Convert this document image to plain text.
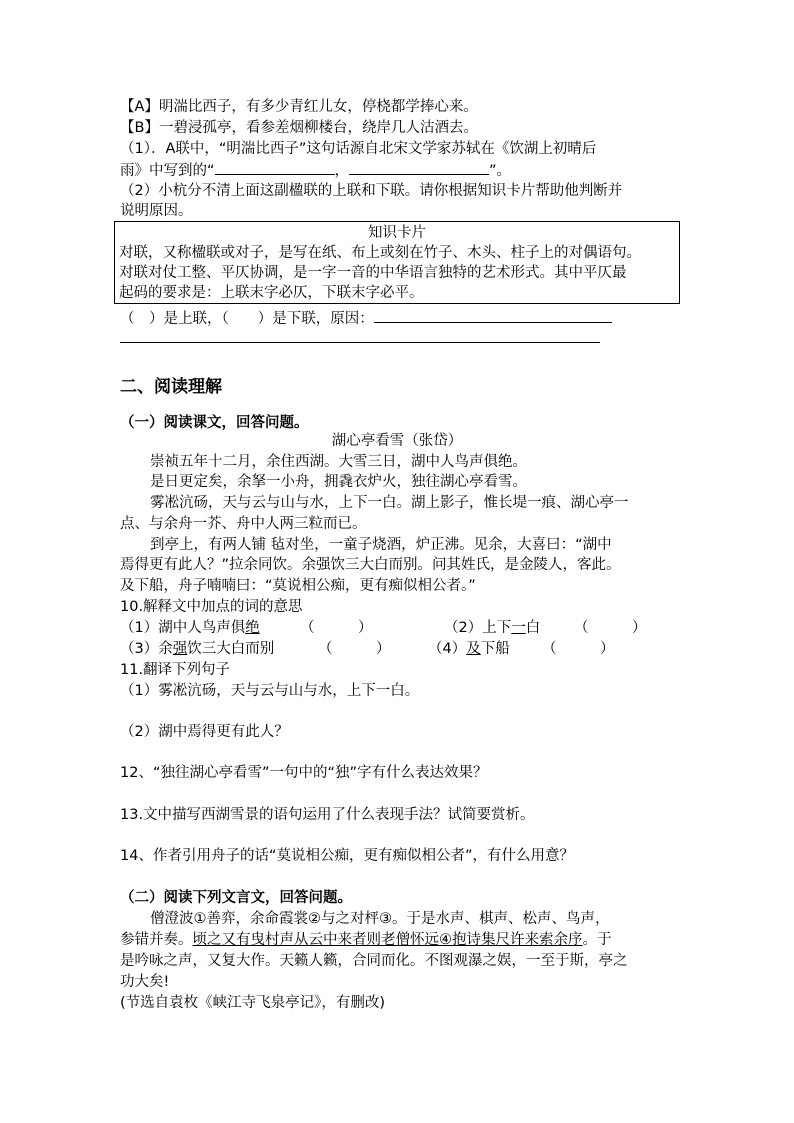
【A】明湍比西子，有多少青红儿女，停桡都学捧心来。
【B】一碧浸孤亭，看参差烟柳楼台，绕岸几人沽酒去。
（1）．A联中，“明湍比西子”这句话源自北宋文学家苏轼在《饮湖上初晴后
雨》中写到的“	，	”。
（2）小杭分不清上面这副楹联的上联和下联。请你根据知识卡片帮助他判断并
说明原因。
知识卡片
对联，又称楹联或对子，是写在纸、布上或刻在竹子、木头、柱子上的对偶语句。
对联对仗工整、平仄协调，是一字一音的中华语言独特的艺术形式。其中平仄最
起码的要求是：上联末字必仄，下联末字必平。
（　）是上联，（　　）是下联，原因：
二、阅读理解
（一）阅读课文，回答问题。
湖心亭看雪（张岱）
崇祯五年十二月，余住西湖。大雪三日，湖中人鸟声俱绝。
是日更定矣，余拏一小舟，拥毳衣炉火，独往湖心亭看雪。
雾凇沆砀，天与云与山与水，上下一白。湖上影子，惟长堤一痕、湖心亭一
点、与余舟一芥、舟中人两三粒而已。
到亭上，有两人铺 毡对坐，一童子烧酒，炉正沸。见余，大喜曰：“湖中
焉得更有此人？”拉余同饮。余强饮三大白而别。问其姓氏，是金陵人，客此。
及下船，舟子喃喃曰：“莫说相公痴，更有痴似相公者。”
10.解释文中加点的词的意思
（1）湖中人鸟声俱绝	（　　　）	（2）上下一白 （　　　）
（3）余强饮三大白而别	（　　　）	（4）及下船 （　　　）
11.翻译下列句子
（1）雾凇沆砀，天与云与山与水，上下一白。
（2）湖中焉得更有此人？
12、“独往湖心亭看雪”一句中的“独”字有什么表达效果？
13.文中描写西湖雪景的语句运用了什么表现手法？试简要赏析。
14、作者引用舟子的话“莫说相公痴，更有痴似相公者”，有什么用意？
（二）阅读下列文言文，回答问题。
僧澄波①善弈，余命霞裳②与之对枰③。于是水声、棋声、松声、鸟声，
参错并奏。顷之又有曳村声从云中来者则老僧怀远④抱诗集尺许来索余序。于
是吟咏之声，又复大作。天籁人籁，合同而化。不图观瀑之娱，一至于斯，亭之
功大矣!
(节选自袁枚《峡江寺飞泉亭记》，有删改)
